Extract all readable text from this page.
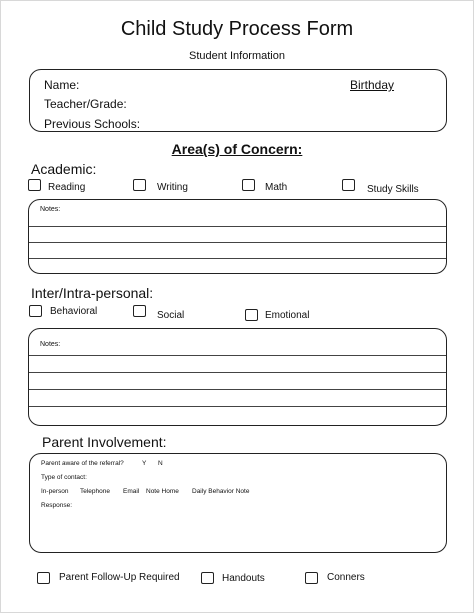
Child Study Process Form
Student Information
Name:	Birthday
Teacher/Grade:
Previous Schools:
Area(s) of Concern:
Academic:
Reading	Writing	Math	Study Skills
Notes:
Inter/Intra-personal:
Behavioral	Social	Emotional
Notes:
Parent Involvement:
Parent aware of the referral?	Y N
Type of contact:
In-person Telephone Email Note Home Daily Behavior Note
Response:
Parent Follow-Up Required	Handouts	Conners
